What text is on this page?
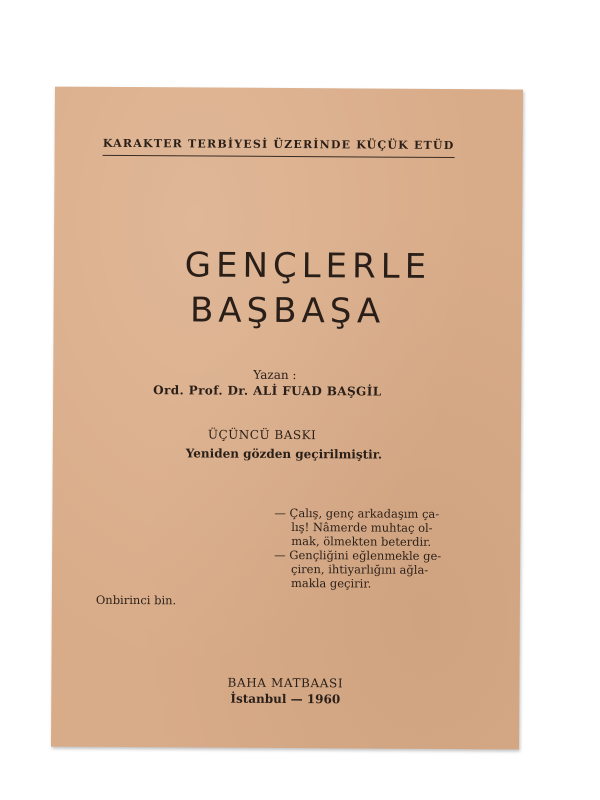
KARAKTER TERBİYESİ ÜZERİNDE KÜÇÜK ETÜD
GENÇLERLE
BAŞBAŞA
Yazan :
Ord. Prof. Dr. ALİ FUAD BAŞGİL
ÜÇÜNCÜ BASKI
Yeniden gözden geçirilmiştir.
— Çalış, genç arkadaşım ça-
lış! Nâmerde muhtaç ol-
mak, ölmekten beterdir.
— Gençliğini eğlenmekle ge-
çiren, ihtiyarlığını ağla-
makla geçirir.
Onbirinci bin.
BAHA MATBAASI
İstanbul — 1960
